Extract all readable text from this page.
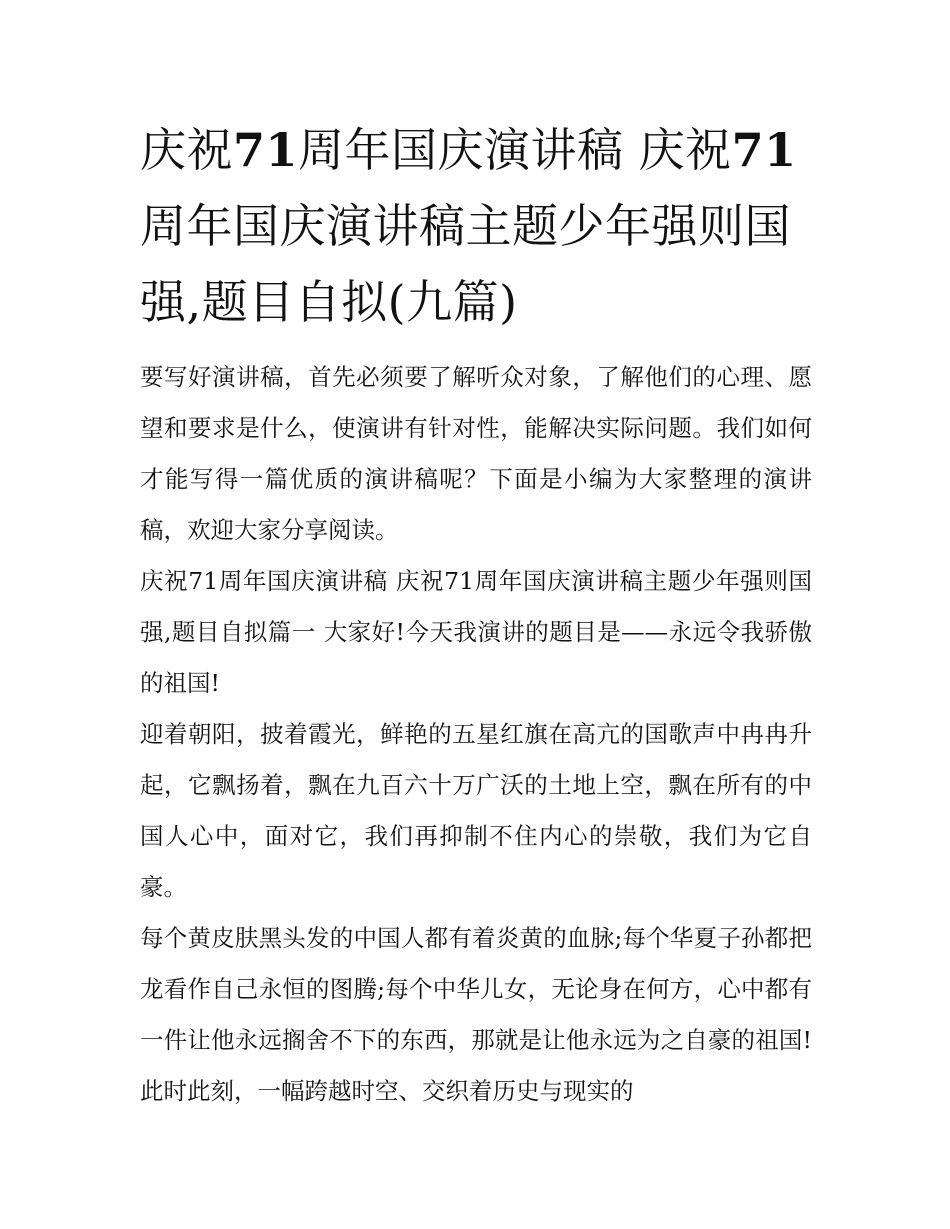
庆祝71周年国庆演讲稿 庆祝71周年国庆演讲稿主题少年强则国强,题目自拟(九篇)

要写好演讲稿，首先必须要了解听众对象，了解他们的心理、愿望和要求是什么，使演讲有针对性，能解决实际问题。我们如何才能写得一篇优质的演讲稿呢？下面是小编为大家整理的演讲稿，欢迎大家分享阅读。

庆祝71周年国庆演讲稿 庆祝71周年国庆演讲稿主题少年强则国强,题目自拟篇一 大家好!今天我演讲的题目是——永远令我骄傲的祖国!

迎着朝阳，披着霞光，鲜艳的五星红旗在高亢的国歌声中冉冉升起，它飘扬着，飘在九百六十万广沃的土地上空，飘在所有的中国人心中，面对它，我们再抑制不住内心的崇敬，我们为它自豪。

每个黄皮肤黑头发的中国人都有着炎黄的血脉;每个华夏子孙都把龙看作自己永恒的图腾;每个中华儿女，无论身在何方，心中都有一件让他永远搁舍不下的东西，那就是让他永远为之自豪的祖国!此时此刻，一幅跨越时空、交织着历史与现实的
